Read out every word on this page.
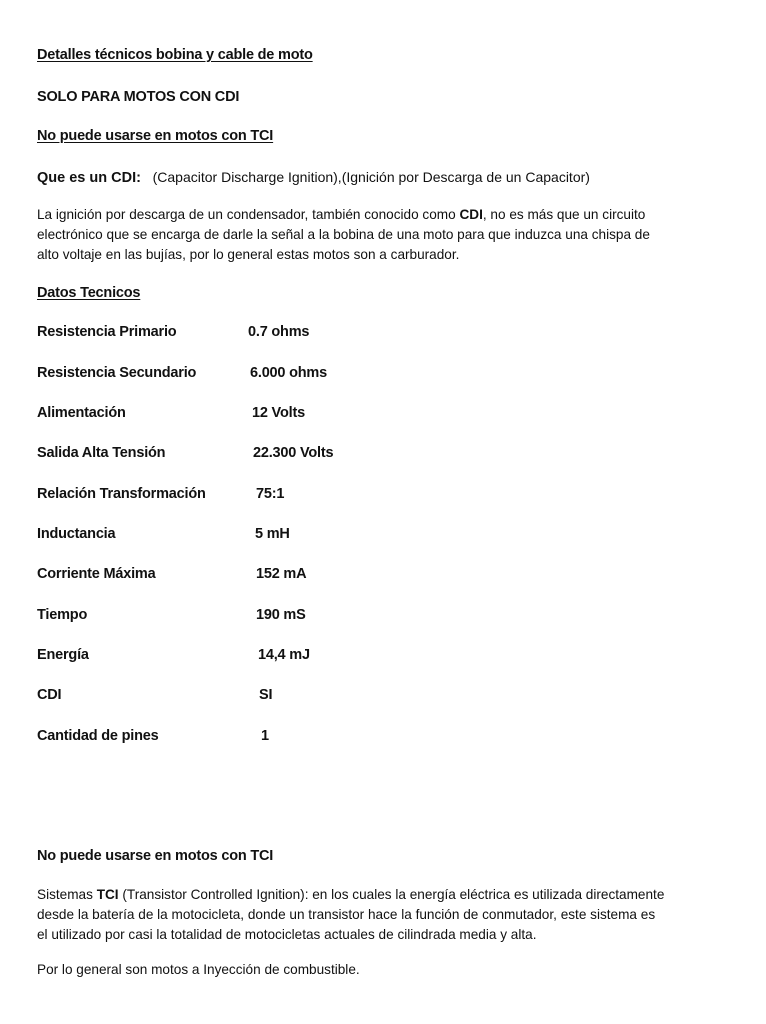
Detalles técnicos bobina y cable de moto
SOLO PARA MOTOS CON CDI
No puede usarse en motos con TCI
Que es un CDI: (Capacitor Discharge Ignition),(Ignición por Descarga de un Capacitor)
La ignición por descarga de un condensador, también conocido como CDI, no es más que un circuito
electrónico que se encarga de darle la señal a la bobina de una moto para que induzca una chispa de
alto voltaje en las bujías, por lo general estas motos son a carburador.
Datos Tecnicos
Resistencia Primario	0.7 ohms
Resistencia Secundario	6.000 ohms
Alimentación	12 Volts
Salida Alta Tensión	22.300 Volts
Relación Transformación	75:1
Inductancia	5 mH
Corriente Máxima	152 mA
Tiempo	190 mS
Energía	14,4 mJ
CDI	SI
Cantidad de pines	1
No puede usarse en motos con TCI
Sistemas TCI (Transistor Controlled Ignition): en los cuales la energía eléctrica es utilizada directamente
desde la batería de la motocicleta, donde un transistor hace la función de conmutador, este sistema es
el utilizado por casi la totalidad de motocicletas actuales de cilindrada media y alta.
Por lo general son motos a Inyección de combustible.
